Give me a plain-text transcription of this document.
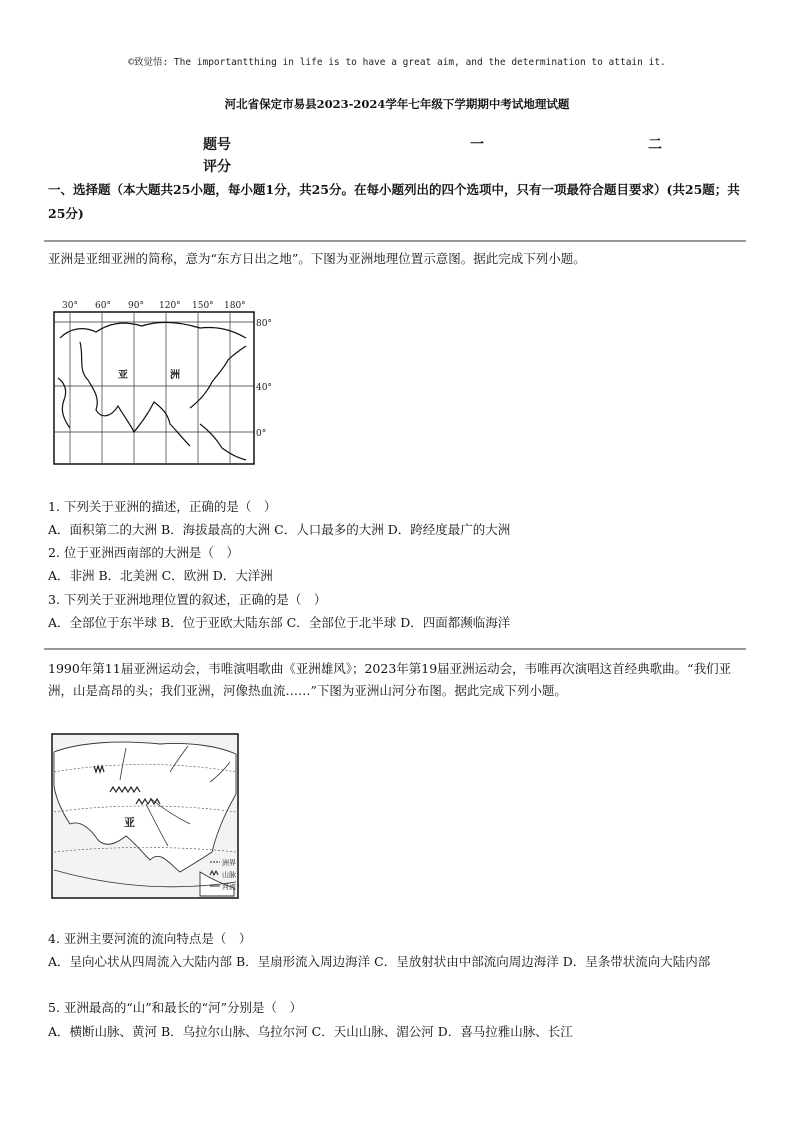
©致觉悟: The importantthing in life is to have a great aim, and the determination to attain it.
河北省保定市易县2023-2024学年七年级下学期期中考试地理试题
题号	一	二
评分
一、选择题（本大题共25小题，每小题1分，共25分。在每小题列出的四个选项中，只有一项最符合题目要求）(共25题；共25分)
亚洲是亚细亚洲的简称，意为“东方日出之地”。下图为亚洲地理位置示意图。据此完成下列小题。
30° 60° 90° 120° 150° 180°
80°
40°
0°
亚	洲
1. 下列关于亚洲的描述，正确的是（　）
A．面积第二的大洲 B．海拔最高的大洲 C．人口最多的大洲 D．跨经度最广的大洲
2. 位于亚洲西南部的大洲是（　）
A．非洲 B．北美洲 C．欧洲 D．大洋洲
3. 下列关于亚洲地理位置的叙述，正确的是（　）
A．全部位于东半球 B．位于亚欧大陆东部 C．全部位于北半球 D．四面都濒临海洋
1990年第11届亚洲运动会，韦唯演唱歌曲《亚洲雄风》；2023年第19届亚洲运动会，韦唯再次演唱这首经典歌曲。“我们亚洲，山是高昂的头；我们亚洲，河像热血流……”下图为亚洲山河分布图。据此完成下列小题。
亚
洲界
山脉
河流
4. 亚洲主要河流的流向特点是（　）
A．呈向心状从四周流入大陆内部 B．呈扇形流入周边海洋 C．呈放射状由中部流向周边海洋 D．呈条带状流向大陆内部
5. 亚洲最高的“山”和最长的“河”分别是（　）
A．横断山脉、黄河 B．乌拉尔山脉、乌拉尔河 C．天山山脉、湄公河 D．喜马拉雅山脉、长江
